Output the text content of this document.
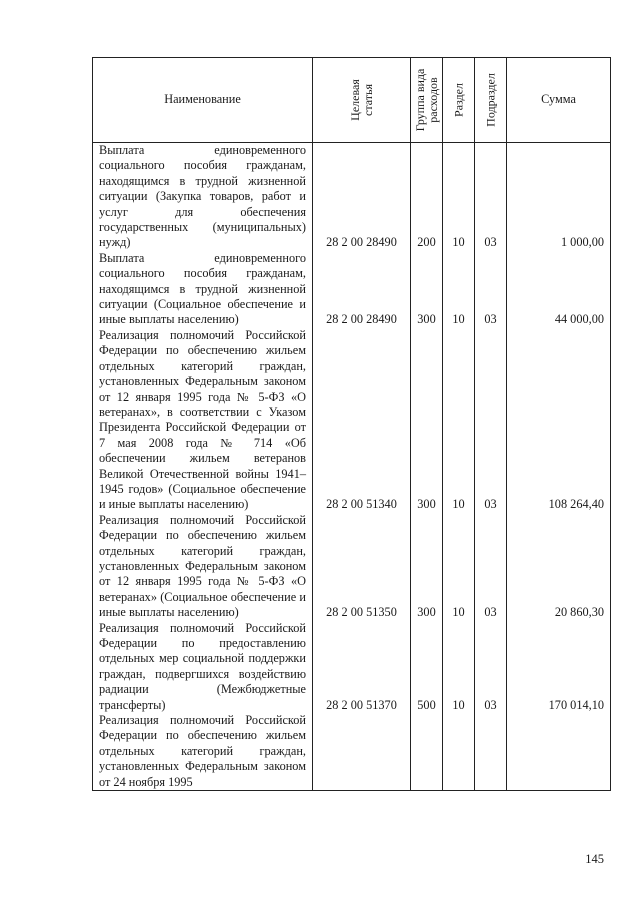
Наименование	Целевая статья	Группа вида расходов	Раздел	Подраздел	Сумма
Выплата единовременного социального пособия гражданам, находящимся в трудной жизненной ситуации (Закупка товаров, работ и услуг для обеспечения государственных (муниципальных) нужд)	28 2 00 28490	200	10	03	1 000,00
Выплата единовременного социального пособия гражданам, находящимся в трудной жизненной ситуации (Социальное обеспечение и иные выплаты населению)	28 2 00 28490	300	10	03	44 000,00
Реализация полномочий Российской Федерации по обеспечению жильем отдельных категорий граждан, установленных Федеральным законом от 12 января 1995 года № 5-ФЗ «О ветеранах», в соответствии с Указом Президента Российской Федерации от 7 мая 2008 года № 714 «Об обеспечении жильем ветеранов Великой Отечественной войны 1941–1945 годов» (Социальное обеспечение и иные выплаты населению)	28 2 00 51340	300	10	03	108 264,40
Реализация полномочий Российской Федерации по обеспечению жильем отдельных категорий граждан, установленных Федеральным законом от 12 января 1995 года № 5-ФЗ «О ветеранах» (Социальное обеспечение и иные выплаты населению)	28 2 00 51350	300	10	03	20 860,30
Реализация полномочий Российской Федерации по предоставлению отдельных мер социальной поддержки граждан, подвергшихся воздействию радиации (Межбюджетные трансферты)	28 2 00 51370	500	10	03	170 014,10
Реализация полномочий Российской Федерации по обеспечению жильем отдельных категорий граждан, установленных Федеральным законом от 24 ноября 1995					
145
